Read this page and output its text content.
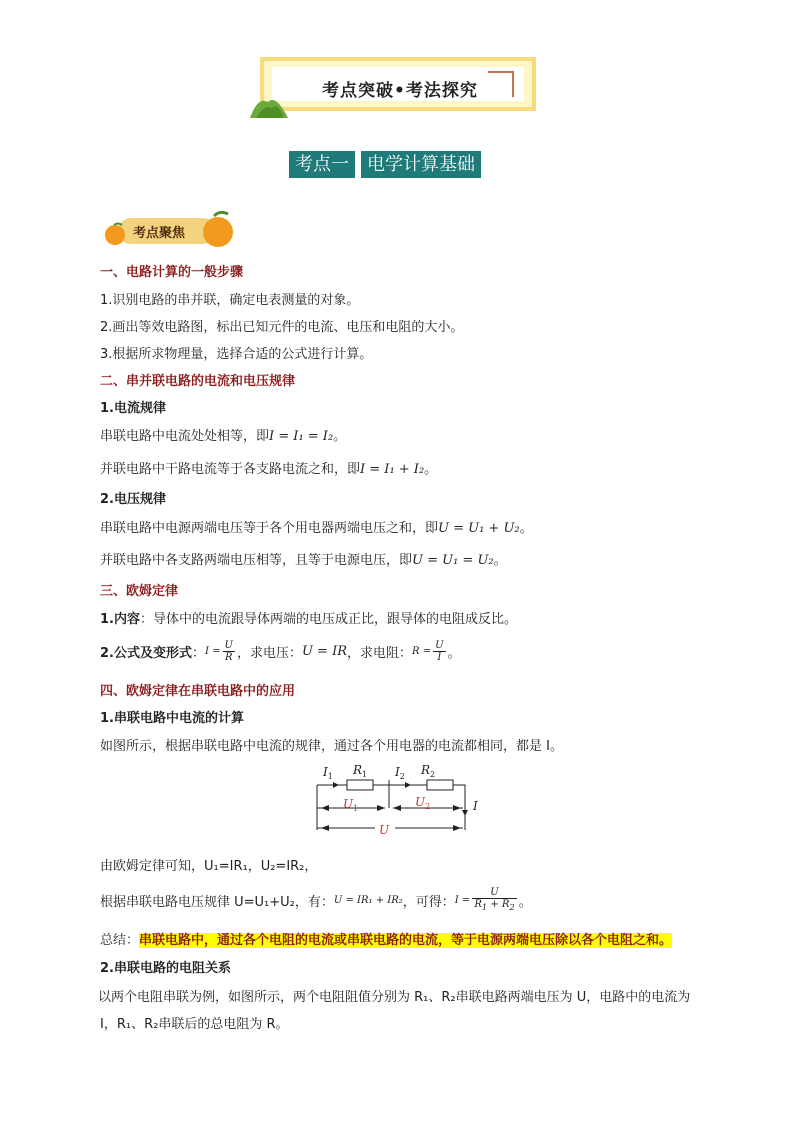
考点突破•考法探究
考点一	电学计算基础
考点聚焦
一、电路计算的一般步骤
1.识别电路的串并联，确定电表测量的对象。
2.画出等效电路图，标出已知元件的电流、电压和电阻的大小。
3.根据所求物理量，选择合适的公式进行计算。
二、串并联电路的电流和电压规律
1.电流规律
串联电路中电流处处相等，即I = I₁ = I₂。
并联电路中干路电流等于各支路电流之和，即I = I₁ + I₂。
2.电压规律
串联电路中电源两端电压等于各个用电器两端电压之和，即U = U₁ + U₂。
并联电路中各支路两端电压相等，且等于电源电压，即U = U₁ = U₂。
三、欧姆定律
1.内容：导体中的电流跟导体两端的电压成正比，跟导体的电阻成反比。
2.公式及变形式 ： $I = \frac{U}{R}$ ，求电压： U = IR ，求电阻： $R = \frac{U}{I}$ 。
四、欧姆定律在串联电路中的应用
1.串联电路中电流的计算
如图所示，根据串联电路中电流的规律，通过各个用电器的电流都相同，都是 I。
$I_1$ $R_1$ $I_2$ $R_2$
$U_1$	$U_2$
U
I
由欧姆定律可知，U₁=IR₁，U₂=IR₂，
根据串联电路电压规律 U=U₁+U₂，有： U = IR₁ + IR₂ ，可得： $I = \frac{U}{R_1 + R_2}$ 。
总结：串联电路中，通过各个电阻的电流或串联电路的电流，等于电源两端电压除以各个电阻之和。
2.串联电路的电阻关系
以两个电阻串联为例，如图所示，两个电阻阻值分别为 R₁、R₂串联电路两端电压为 U，电路中的电流为
I，R₁、R₂串联后的总电阻为 R。
